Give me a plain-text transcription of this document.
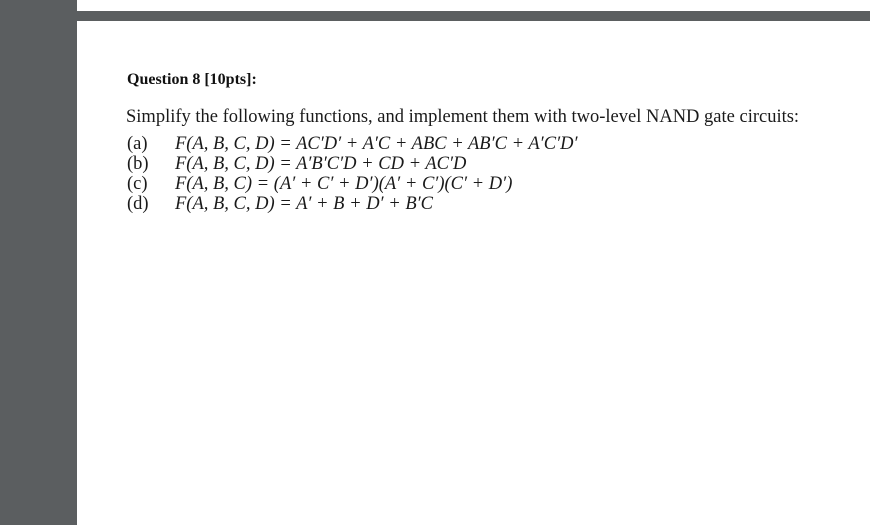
Question 8 [10pts]:

Simplify the following functions, and implement them with two-level NAND gate circuits:

(a)	F(A, B, C, D) = AC′D′ + A′C + ABC + AB′C + A′C′D′
(b)	F(A, B, C, D) = A′B′C′D + CD + AC′D
(c)	F(A, B, C) = (A′ + C′ + D′)(A′ + C′)(C′ + D′)
(d)	F(A, B, C, D) = A′ + B + D′ + B′C
